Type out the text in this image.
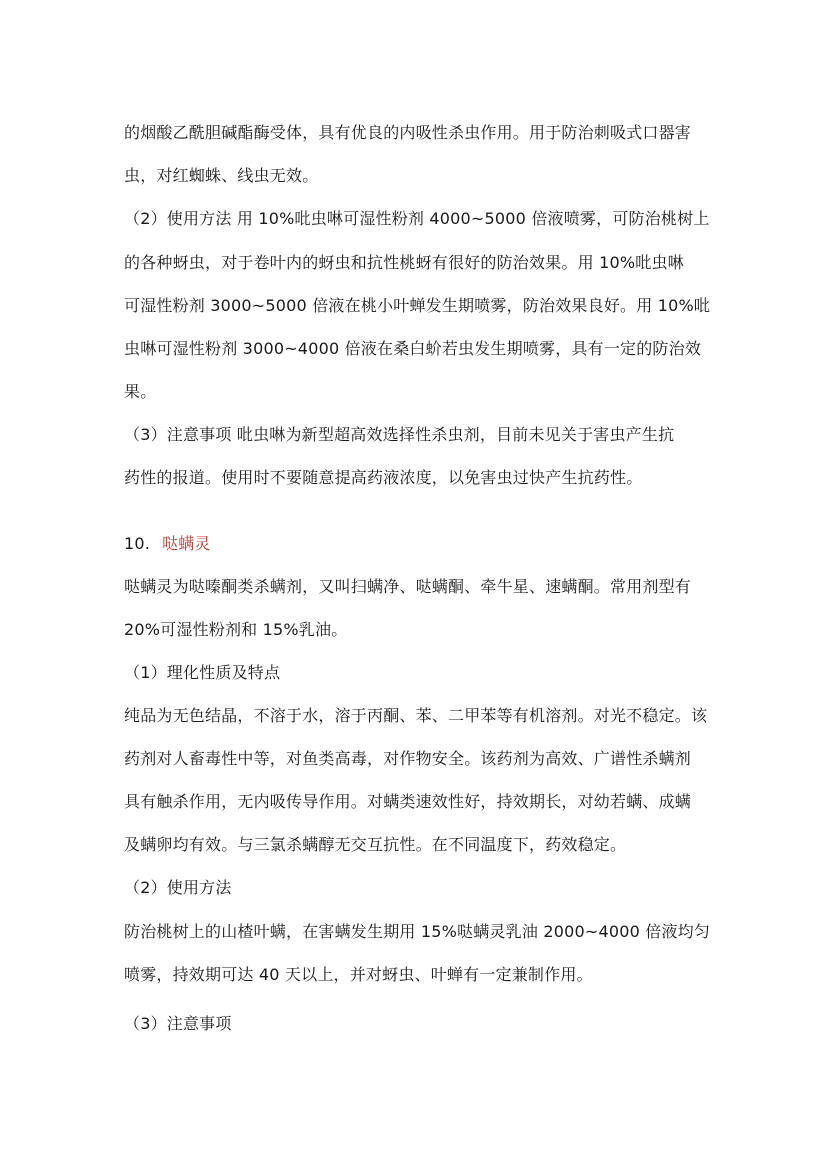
的烟酸乙酰胆碱酯酶受体，具有优良的内吸性杀虫作用。用于防治刺吸式口器害
虫，对红蜘蛛、线虫无效。
（2）使用方法 用 10%吡虫啉可湿性粉剂 4000~5000 倍液喷雾，可防治桃树上
的各种蚜虫，对于卷叶内的蚜虫和抗性桃蚜有很好的防治效果。用 10%吡虫啉
可湿性粉剂 3000~5000 倍液在桃小叶蝉发生期喷雾，防治效果良好。用 10%吡
虫啉可湿性粉剂 3000~4000 倍液在桑白蚧若虫发生期喷雾，具有一定的防治效
果。
（3）注意事项 吡虫啉为新型超高效选择性杀虫剂，目前未见关于害虫产生抗
药性的报道。使用时不要随意提高药液浓度，以免害虫过快产生抗药性。
10. 哒螨灵
哒螨灵为哒嗪酮类杀螨剂，又叫扫螨净、哒螨酮、牵牛星、速螨酮。常用剂型有
20%可湿性粉剂和 15%乳油。
（1）理化性质及特点
纯品为无色结晶，不溶于水，溶于丙酮、苯、二甲苯等有机溶剂。对光不稳定。该
药剂对人畜毒性中等，对鱼类高毒，对作物安全。该药剂为高效、广谱性杀螨剂
具有触杀作用，无内吸传导作用。对螨类速效性好，持效期长，对幼若螨、成螨
及螨卵均有效。与三氯杀螨醇无交互抗性。在不同温度下，药效稳定。
（2）使用方法
防治桃树上的山楂叶螨，在害螨发生期用 15%哒螨灵乳油 2000~4000 倍液均匀
喷雾，持效期可达 40 天以上，并对蚜虫、叶蝉有一定兼制作用。
（3）注意事项
